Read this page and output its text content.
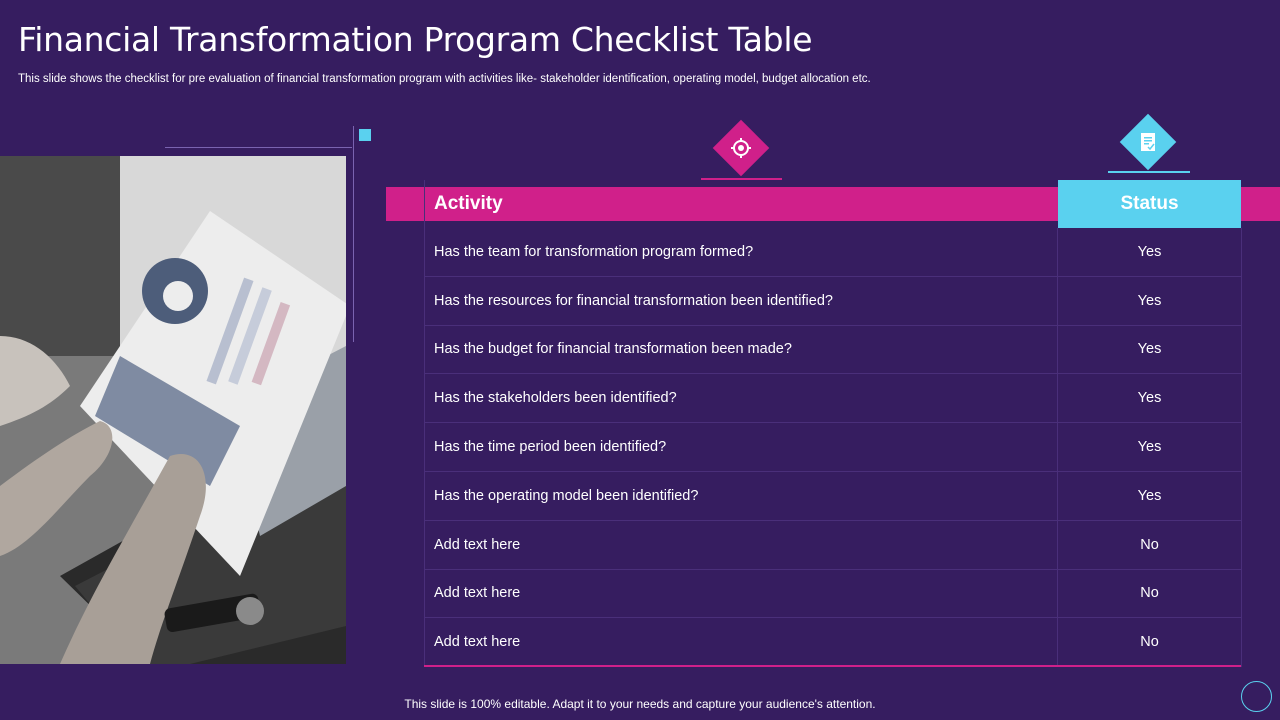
Financial Transformation Program Checklist Table
This slide shows the checklist for pre evaluation of financial transformation program with activities like- stakeholder identification, operating model, budget allocation etc.
Activity	Status
Has the team for transformation program formed?	Yes
Has the resources for financial transformation been identified?	Yes
Has the budget for financial transformation been made?	Yes
Has the stakeholders been identified?	Yes
Has the time period been identified?	Yes
Has the operating model been identified?	Yes
Add text here	No
Add text here	No
Add text here	No
This slide is 100% editable. Adapt it to your needs and capture your audience's attention.
